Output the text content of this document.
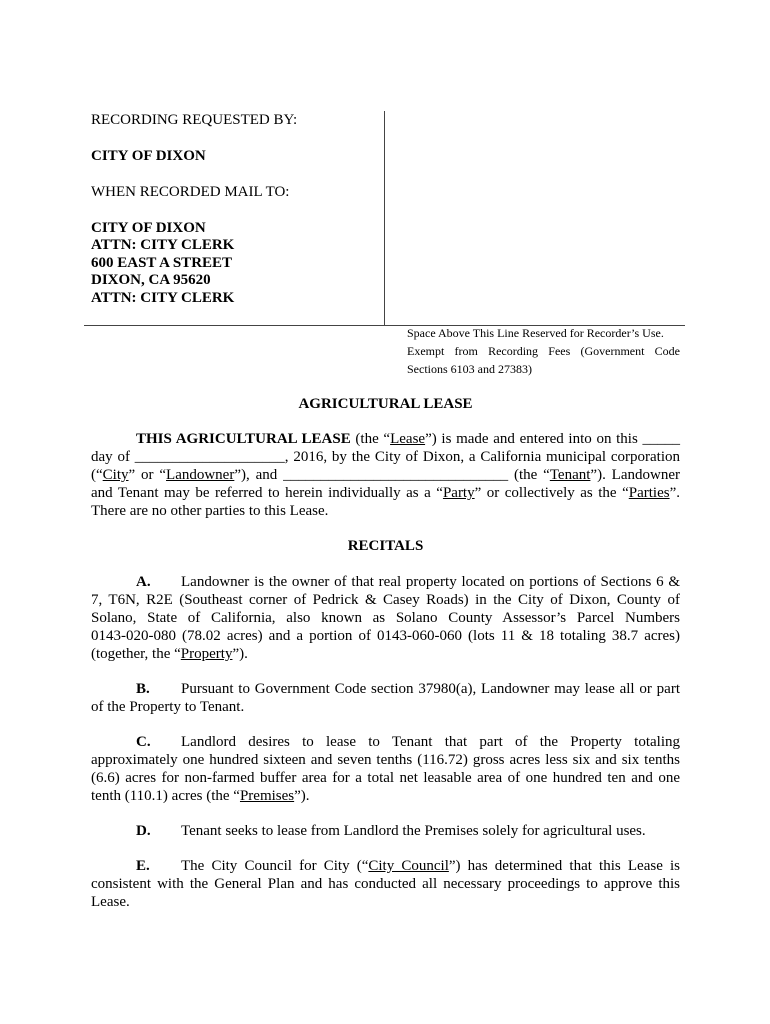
RECORDING REQUESTED BY:
CITY OF DIXON
WHEN RECORDED MAIL TO:
CITY OF DIXON
ATTN: CITY CLERK
600 EAST A STREET
DIXON, CA 95620
ATTN: CITY CLERK
Space Above This Line Reserved for Recorder’s Use.
Exempt from Recording Fees (Government Code
Sections 6103 and 27383)
AGRICULTURAL LEASE
THIS AGRICULTURAL LEASE (the “Lease”) is made and entered into on this _____
day of ____________________, 2016, by the City of Dixon, a California municipal corporation
(“City” or “Landowner”), and ______________________________ (the “Tenant”). Landowner
and Tenant may be referred to herein individually as a “Party” or collectively as the “Parties”.
There are no other parties to this Lease.
RECITALS
A. Landowner is the owner of that real property located on portions of Sections 6 &
7, T6N, R2E (Southeast corner of Pedrick & Casey Roads) in the City of Dixon, County of
Solano, State of California, also known as Solano County Assessor’s Parcel Numbers
0143-020-080 (78.02 acres) and a portion of 0143-060-060 (lots 11 & 18 totaling 38.7 acres)
(together, the “Property”).
B. Pursuant to Government Code section 37980(a), Landowner may lease all or part
of the Property to Tenant.
C. Landlord desires to lease to Tenant that part of the Property totaling
approximately one hundred sixteen and seven tenths (116.72) gross acres less six and six tenths
(6.6) acres for non-farmed buffer area for a total net leasable area of one hundred ten and one
tenth (110.1) acres (the “Premises”).
D. Tenant seeks to lease from Landlord the Premises solely for agricultural uses.
E. The City Council for City (“City Council”) has determined that this Lease is
consistent with the General Plan and has conducted all necessary proceedings to approve this
Lease.
